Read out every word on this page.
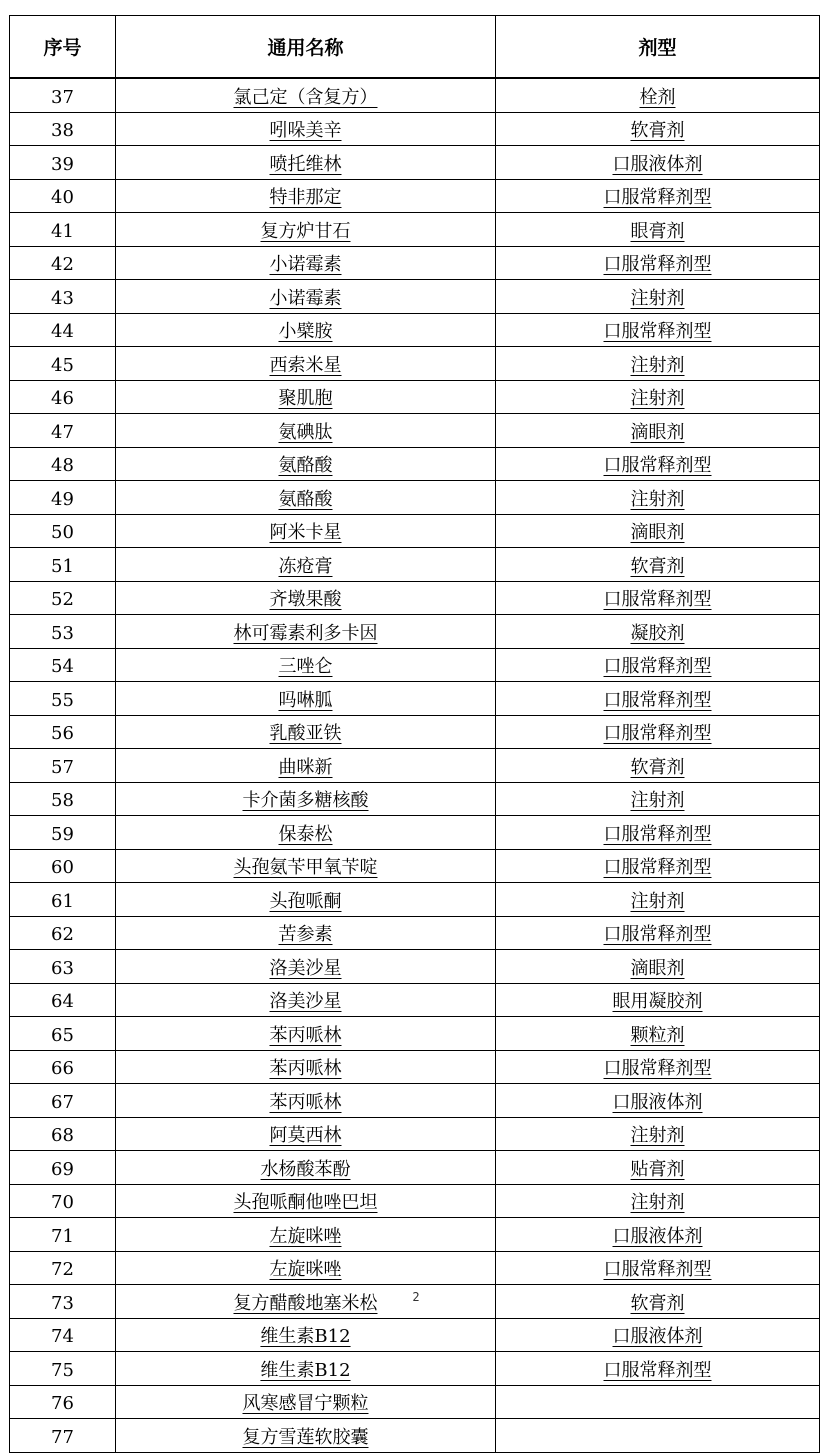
序号	通用名称	剂型
37	氯己定（含复方）	栓剂
38	吲哚美辛	软膏剂
39	喷托维林	口服液体剂
40	特非那定	口服常释剂型
41	复方炉甘石	眼膏剂
42	小诺霉素	口服常释剂型
43	小诺霉素	注射剂
44	小檗胺	口服常释剂型
45	西索米星	注射剂
46	聚肌胞	注射剂
47	氨碘肽	滴眼剂
48	氨酪酸	口服常释剂型
49	氨酪酸	注射剂
50	阿米卡星	滴眼剂
51	冻疮膏	软膏剂
52	齐墩果酸	口服常释剂型
53	林可霉素利多卡因	凝胶剂
54	三唑仑	口服常释剂型
55	吗啉胍	口服常释剂型
56	乳酸亚铁	口服常释剂型
57	曲咪新	软膏剂
58	卡介菌多糖核酸	注射剂
59	保泰松	口服常释剂型
60	头孢氨苄甲氧苄啶	口服常释剂型
61	头孢哌酮	注射剂
62	苦参素	口服常释剂型
63	洛美沙星	滴眼剂
64	洛美沙星	眼用凝胶剂
65	苯丙哌林	颗粒剂
66	苯丙哌林	口服常释剂型
67	苯丙哌林	口服液体剂
68	阿莫西林	注射剂
69	水杨酸苯酚	贴膏剂
70	头孢哌酮他唑巴坦	注射剂
71	左旋咪唑	口服液体剂
72	左旋咪唑	口服常释剂型
73	复方醋酸地塞米松	软膏剂
74	维生素B12	口服液体剂
75	维生素B12	口服常释剂型
76	风寒感冒宁颗粒	
77	复方雪莲软胶囊	
2
